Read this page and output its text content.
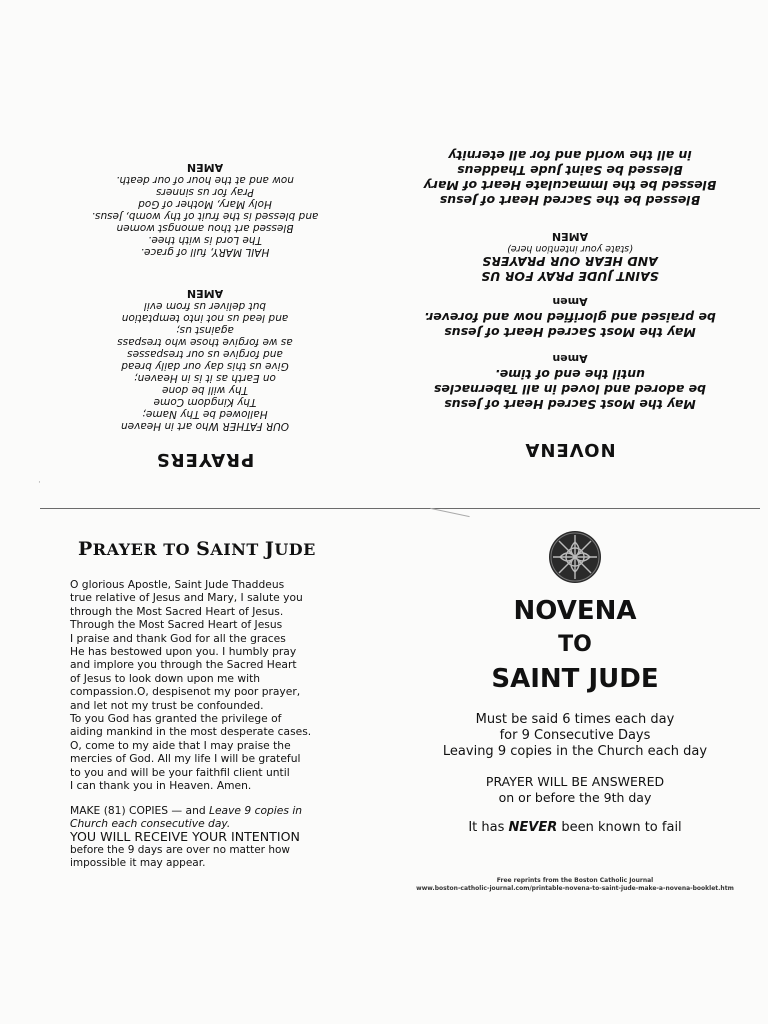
PRAYERS
OUR FATHER Who art in Heaven
Hallowed be Thy Name;
Thy Kingdom Come
Thy will be done
on Earth as it is in Heaven;
Give us this day our daily bread
and forgive us our trespasses
as we forgive those who trespass
against us;
and lead us not into temptation
but deliver us from evil
AMEN
HAIL MARY, full of grace.
The Lord is with thee.
Blessed art thou amongst women
and blessed is the fruit of thy womb, Jesus.
Holy Mary, Mother of God
Pray for us sinners
now and at the hour of our death.
AMEN
NOVENA
May the Most Sacred Heart of Jesus
be adored and loved in all Tabernacles
until the end of time.
Amen
May the Most Sacred Heart of Jesus
be praised and glorified now and forever.
Amen
SAINT JUDE PRAY FOR US
AND HEAR OUR PRAYERS
(state your intention here)
AMEN
Blessed be the Sacred Heart of Jesus
Blessed be the Immaculate Heart of Mary
Blessed be Saint Jude Thaddeus
in all the world and for all eternity
·
PRAYER TO SAINT JUDE
O glorious Apostle, Saint Jude Thaddeus
true relative of Jesus and Mary, I salute you
through the Most Sacred Heart of Jesus.
Through the Most Sacred Heart of Jesus
I praise and thank God for all the graces
He has bestowed upon you. I humbly pray
and implore you through the Sacred Heart
of Jesus to look down upon me with
compassion.O, despisenot my poor prayer,
and let not my trust be confounded.
To you God has granted the privilege of
aiding mankind in the most desperate cases.
O, come to my aide that I may praise the
mercies of God. All my life I will be grateful
to you and will be your faithfil client until
I can thank you in Heaven. Amen.
MAKE (81) COPIES — and Leave 9 copies in
Church each consecutive day.
YOU WILL RECEIVE YOUR INTENTION
before the 9 days are over no matter how
impossible it may appear.
NOVENA
TO
SAINT JUDE
Must be said 6 times each day
for 9 Consecutive Days
Leaving 9 copies in the Church each day
PRAYER WILL BE ANSWERED
on or before the 9th day
It has NEVER been known to fail
Free reprints from the Boston Catholic Journal
www.boston-catholic-journal.com/printable-novena-to-saint-jude-make-a-novena-booklet.htm
